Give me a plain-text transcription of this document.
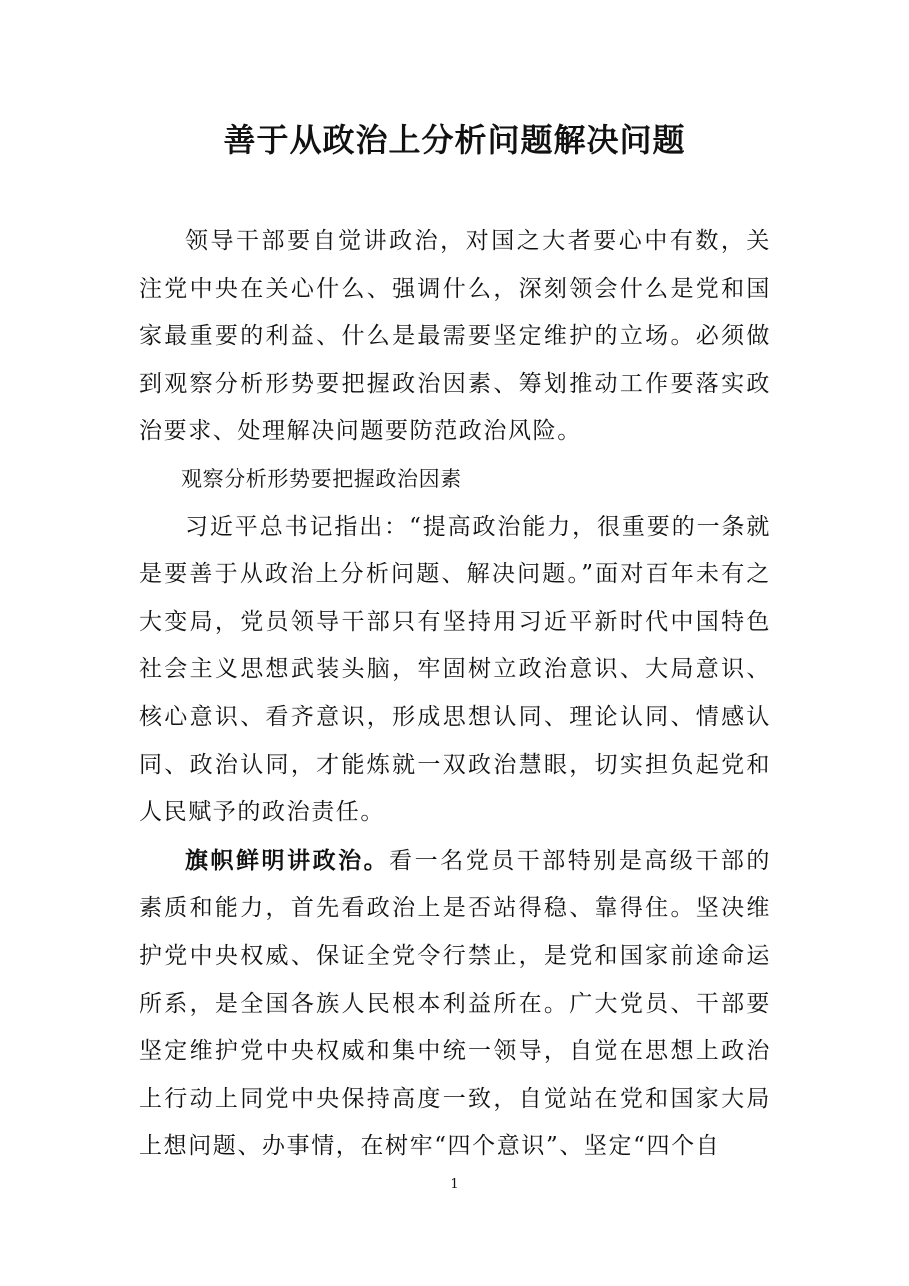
善于从政治上分析问题解决问题

领导干部要自觉讲政治，对国之大者要心中有数，关注党中央在关心什么、强调什么，深刻领会什么是党和国家最重要的利益、什么是最需要坚定维护的立场。必须做到观察分析形势要把握政治因素、筹划推动工作要落实政治要求、处理解决问题要防范政治风险。

观察分析形势要把握政治因素

习近平总书记指出：“提高政治能力，很重要的一条就是要善于从政治上分析问题、解决问题。”面对百年未有之大变局，党员领导干部只有坚持用习近平新时代中国特色社会主义思想武装头脑，牢固树立政治意识、大局意识、核心意识、看齐意识，形成思想认同、理论认同、情感认同、政治认同，才能炼就一双政治慧眼，切实担负起党和人民赋予的政治责任。

旗帜鲜明讲政治。看一名党员干部特别是高级干部的素质和能力，首先看政治上是否站得稳、靠得住。坚决维护党中央权威、保证全党令行禁止，是党和国家前途命运所系，是全国各族人民根本利益所在。广大党员、干部要坚定维护党中央权威和集中统一领导，自觉在思想上政治上行动上同党中央保持高度一致，自觉站在党和国家大局上想问题、办事情，在树牢“四个意识”、坚定“四个自

1
